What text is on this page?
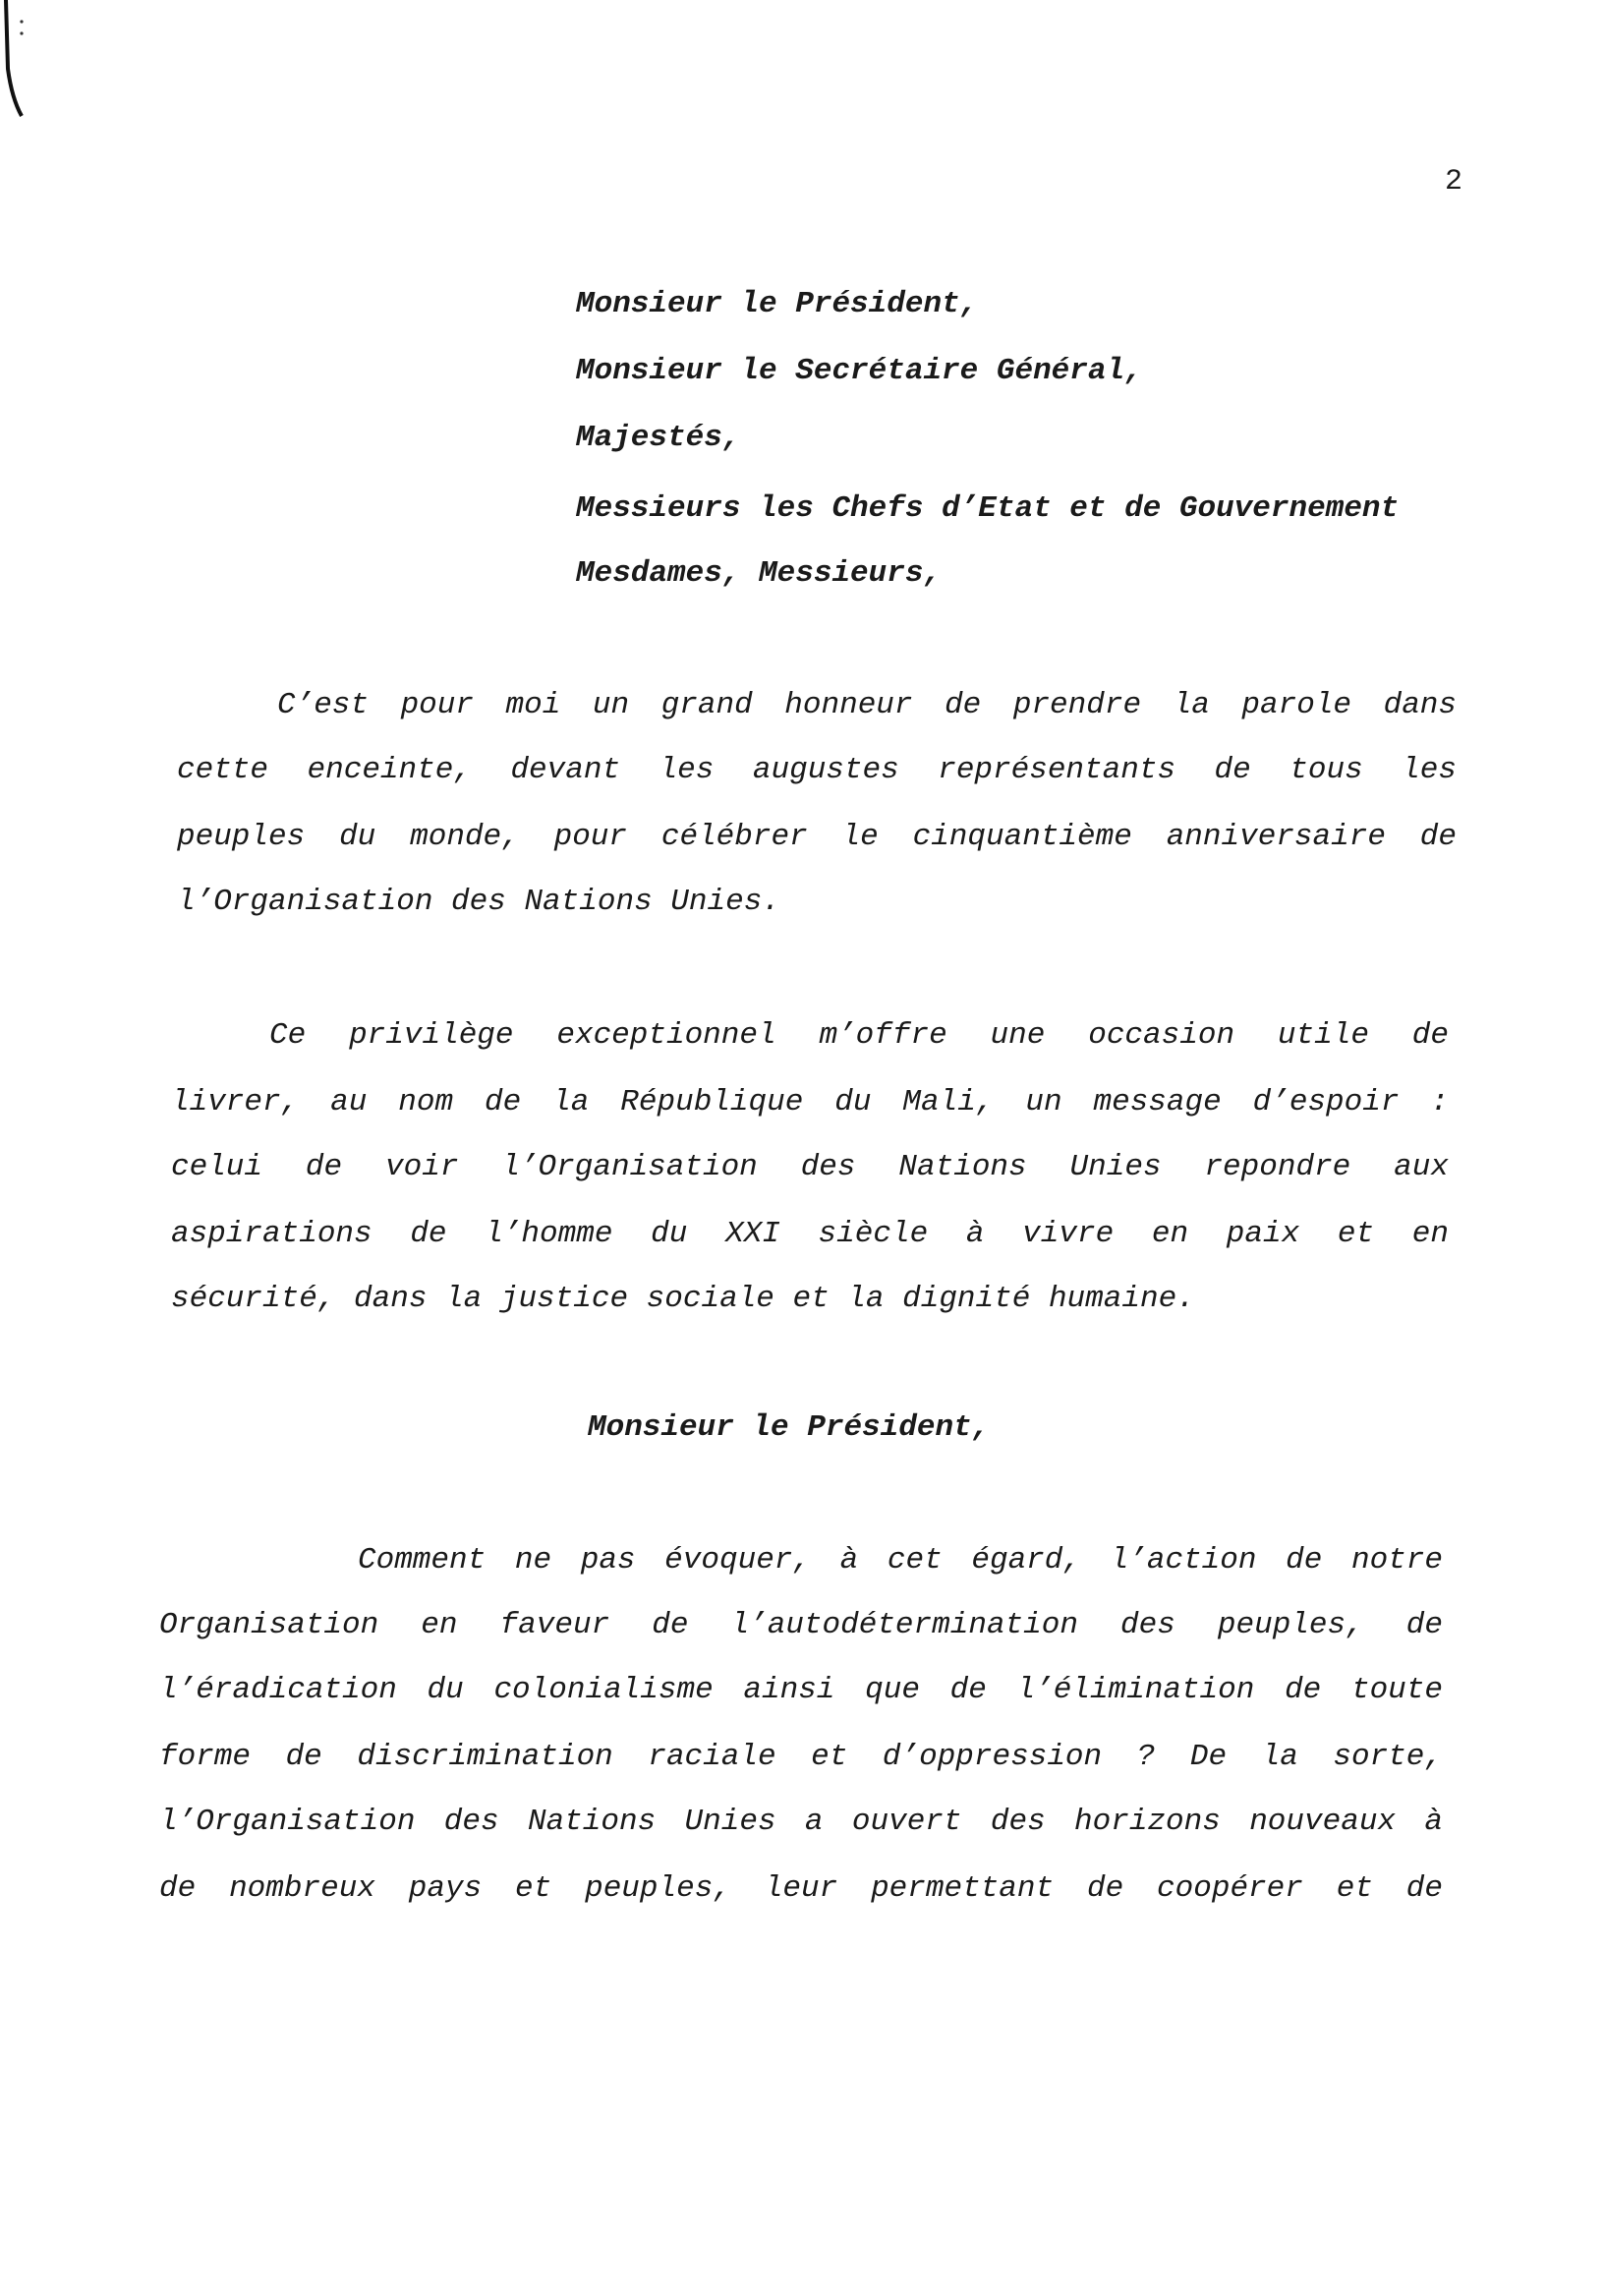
2
Monsieur le Président,
Monsieur le Secrétaire Général,
Majestés,
Messieurs les Chefs d’Etat et de Gouvernement
Mesdames, Messieurs,
C’est pour moi un grand honneur de prendre la parole dans
cette enceinte, devant les augustes représentants de tous les
peuples du monde, pour célébrer le cinquantième anniversaire de
l’Organisation des Nations Unies.
Ce privilège exceptionnel m’offre une occasion utile de
livrer, au nom de la République du Mali, un message d’espoir :
celui de voir l’Organisation des Nations Unies repondre aux
aspirations de l’homme du XXI siècle à vivre en paix et en
sécurité, dans la justice sociale et la dignité humaine.
Monsieur le Président,
Comment ne pas évoquer, à cet égard, l’action de notre
Organisation en faveur de l’autodétermination des peuples, de
l’éradication du colonialisme ainsi que de l’élimination de toute
forme de discrimination raciale et d’oppression ? De la sorte,
l’Organisation des Nations Unies a ouvert des horizons nouveaux à
de nombreux pays et peuples, leur permettant de coopérer et de
